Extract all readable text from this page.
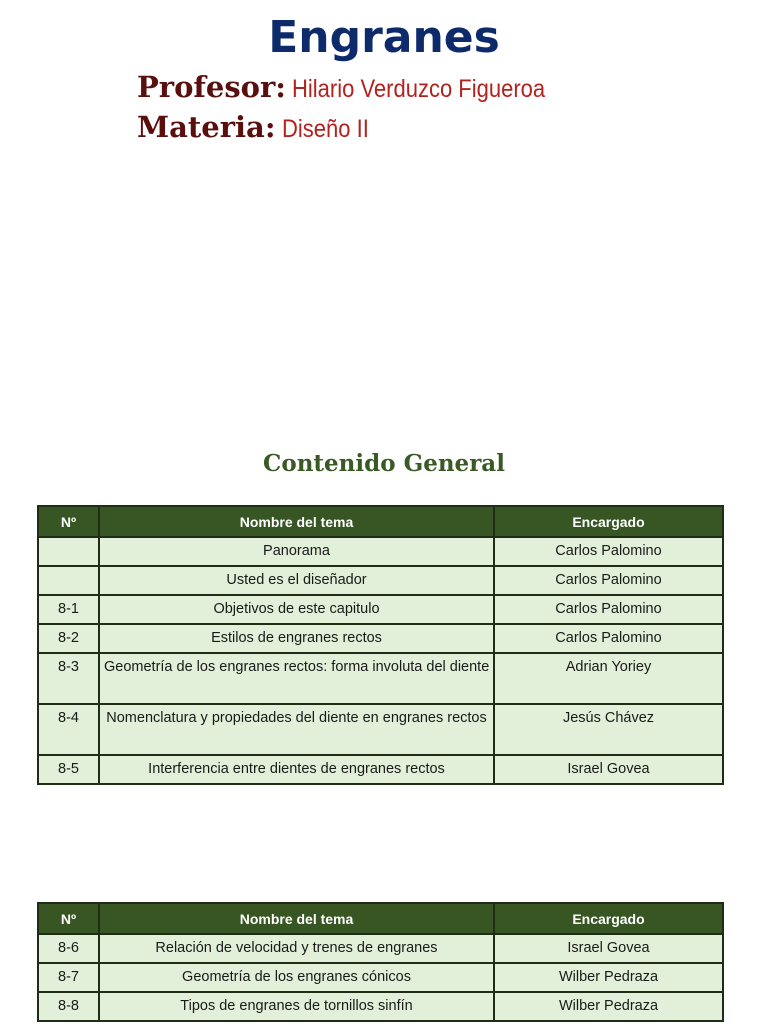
Engranes
Profesor: Hilario Verduzco Figueroa
Materia: Diseño II
Contenido General
Nº	Nombre del tema	Encargado
	Panorama	Carlos Palomino
	Usted es el diseñador	Carlos Palomino
8-1	Objetivos de este capitulo	Carlos Palomino
8-2	Estilos de engranes rectos	Carlos Palomino
8-3	Geometría de los engranes rectos: forma involuta del diente	Adrian Yoriey
8-4	Nomenclatura y propiedades del diente en engranes rectos	Jesús Chávez
8-5	Interferencia entre dientes de engranes rectos	Israel Govea
Nº	Nombre del tema	Encargado
8-6	Relación de velocidad y trenes de engranes	Israel Govea
8-7	Geometría de los engranes cónicos	Wilber Pedraza
8-8	Tipos de engranes de tornillos sinfín	Wilber Pedraza
